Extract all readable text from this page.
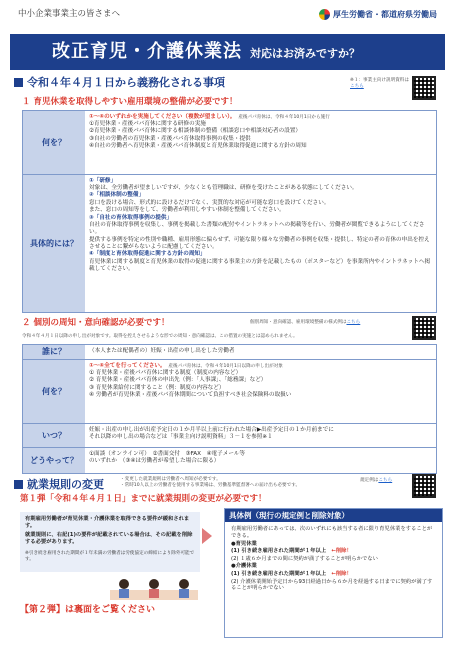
中小企業事業主の皆さまへ	厚生労働省・都道府県労働局
改正育児・介護休業法 対応はお済みですか？
令和４年４月１日から義務化される事項	※１：事業主向け説明資料は
こちら
１ 育児休業を取得しやすい雇用環境の整備が必要です！
何を？

①～④のいずれかを実施してください（複数が望ましい）。　 産後パパ育休は、令和４年10月1日から施行

①育児休業・産後パパ育休に関する研修の実施

②育児休業・産後パパ育休に関する相談体制の整備（相談窓口や相談対応者の設置）

③自社の労働者の育児休業・産後パパ育休取得事例の収集・提供

④自社の労働者へ育児休業・産後パパ育休制度と育児休業取得促進に関する方針の周知

具体的には？

①「研修」

対象は、全労働者が望ましいですが、少なくとも管理職は、研修を受けたことがある状態にしてください。

②「相談体制の整備」

窓口を設ける場合、形式的に設けるだけでなく、実質的な対応が可能な窓口を設けてください。

また、窓口の周知等をして、労働者が利用しやすい体制を整備してください。

③「自社の育休取得事例の提供」

自社の育休取得事例を収集し、事例を掲載した書類の配付やイントラネットへの掲載等を行い、労働者が閲覧できるようにしてください。

提供する事例を特定の性別や職種、雇用形態に偏らせず、可能な限り様々な労働者の事例を収集・提供し、特定の者の育休の申出を控えさせることに繋がらないように配慮してください。

④「制度と育休取得促進に関する方針の周知」

育児休業に関する制度と育児休業の取得の促進に関する事業主の方針を記載したもの（ポスターなど）を事業所内やイントラネットへ掲載してください。

２ 個別の周知・意向確認が必要です！	個別周知・意向確認、雇用環境整備の様式例はこちら
令和４年４月１日以降の申し出が対象です。取得を控えさせるような形での周知・意向確認は、この措置の実施とは認められません。
誰に？	（本人または配偶者の）妊娠・出産の申し出をした労働者

何を？

①～④全てを行ってください。　 産後パパ育休は、令和４年10月1日以降の申し出が対象

① 育児休業・産後パパ育休に関する制度（制度の内容など）

② 育児休業・産後パパ育休の申出先（例：「人事課」、「総務課」など）

③ 育児休業給付に関すること（例：制度の内容など）

④ 労働者が育児休業・産後パパ育休期間について負担すべき社会保険料の取扱い

いつ？

妊娠・出産の申し出が出産予定日の１か月半以上前に行われた場合▶出産予定日の１か月前までに

それ以降の申し出の場合などは「事業主向け説明資料」３－１を参照※１

どうやって？

①面談（オンライン可）　②書面交付　③FAX　④電子メール等

のいずれか　（③④は労働者が希望した場合に限る）

就業規則の変更	・変更した就業規則は労働者へ周知が必要です。
・常時10人以上の労働者を使用する事業場は、労働基準監督署への届け出も必要です。
規定例はこちら
第１弾「令和４年４月１日」までに就業規則の変更が必要です！

有期雇用労働者が育児休業・介護休業を取得できる要件が緩和されます。

就業規則に、右記(1)の要件が記載されている場合は、その記載を削除する必要があります。

※引き続き雇用された期間が１年未満の労働者は労使協定の締結により除外可能です。

具体例（現行の規定例と削除対象）

有期雇用労働者にあっては、次のいずれにも該当する者に限り育児休業をすることができる。

●育児休業

(1) 引き続き雇用された期間が１年以上　 ←削除！

(2) １歳６か月までの間に契約が満了することが明らかでない

●介護休業

(1) 引き続き雇用された期間が１年以上　 ←削除！

(2) 介護休業開始予定日から93日経過日から６か月を経過する日までに契約が満了することが明らかでない

【第２弾】は裏面をご覧ください
